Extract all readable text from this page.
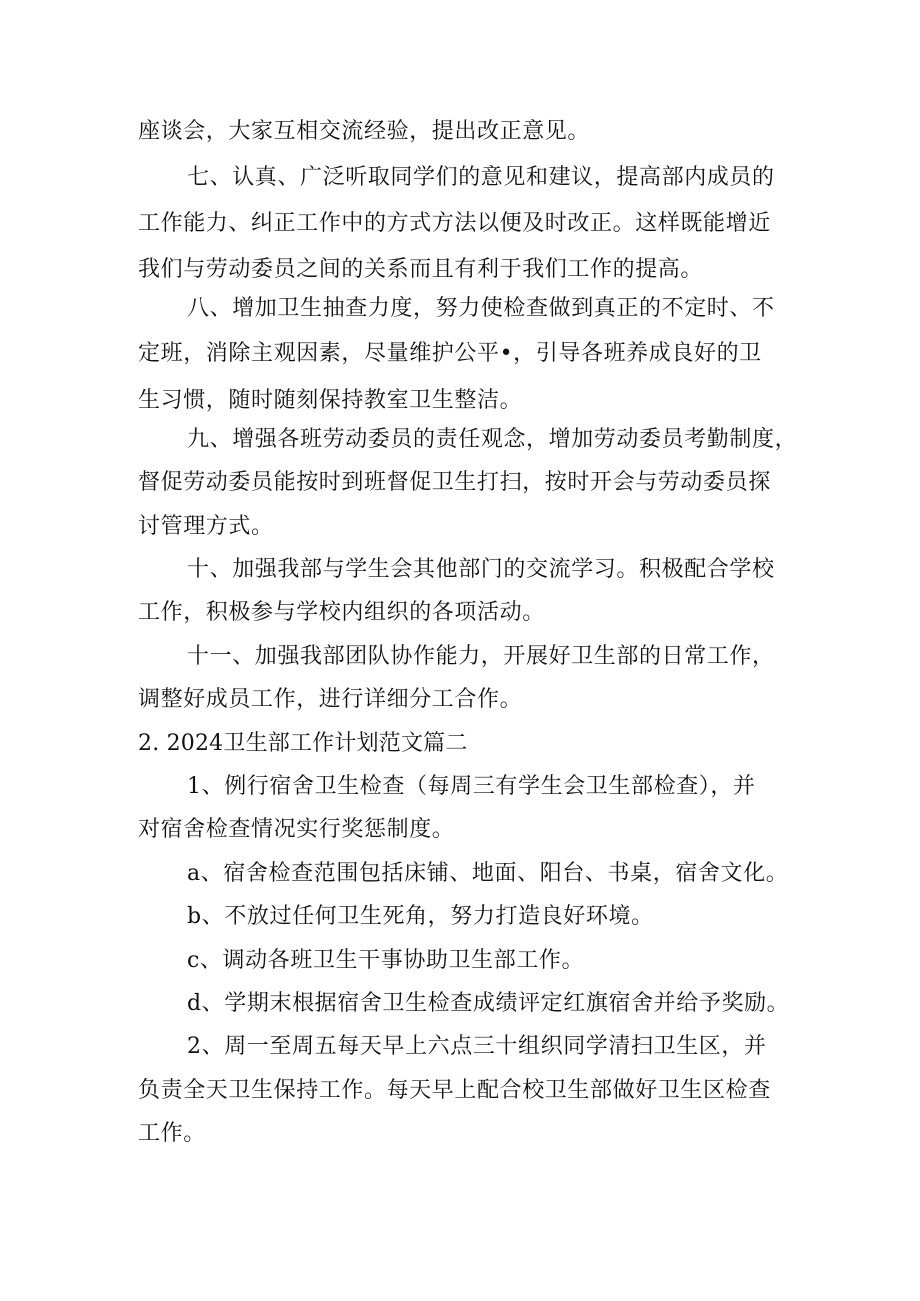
座谈会，大家互相交流经验，提出改正意见。
七、认真、广泛听取同学们的意见和建议，提高部内成员的
工作能力、纠正工作中的方式方法以便及时改正。这样既能增近
我们与劳动委员之间的关系而且有利于我们工作的提高。
八、增加卫生抽查力度，努力使检查做到真正的不定时、不
定班，消除主观因素，尽量维护公平•，引导各班养成良好的卫
生习惯，随时随刻保持教室卫生整洁。
九、增强各班劳动委员的责任观念，增加劳动委员考勤制度，
督促劳动委员能按时到班督促卫生打扫，按时开会与劳动委员探
讨管理方式。
十、加强我部与学生会其他部门的交流学习。积极配合学校
工作，积极参与学校内组织的各项活动。
十一、加强我部团队协作能力，开展好卫生部的日常工作，
调整好成员工作，进行详细分工合作。
2. 2024卫生部工作计划范文篇二
1、例行宿舍卫生检查（每周三有学生会卫生部检查），并
对宿舍检查情况实行奖惩制度。
a、宿舍检查范围包括床铺、地面、阳台、书桌，宿舍文化。
b、不放过任何卫生死角，努力打造良好环境。
c、调动各班卫生干事协助卫生部工作。
d、学期末根据宿舍卫生检查成绩评定红旗宿舍并给予奖励。
2、周一至周五每天早上六点三十组织同学清扫卫生区，并
负责全天卫生保持工作。每天早上配合校卫生部做好卫生区检查
工作。
